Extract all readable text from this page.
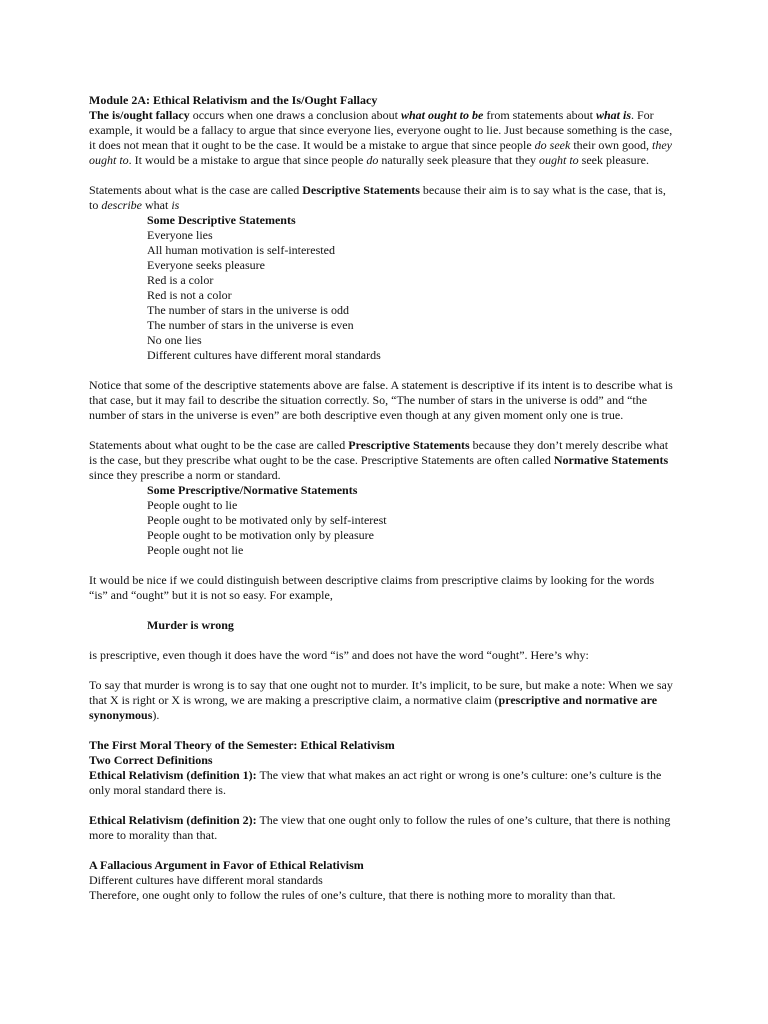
Module 2A: Ethical Relativism and the Is/Ought Fallacy

The is/ought fallacy occurs when one draws a conclusion about what ought to be from statements about what is. For example, it would be a fallacy to argue that since everyone lies, everyone ought to lie. Just because something is the case, it does not mean that it ought to be the case. It would be a mistake to argue that since people do seek their own good, they ought to. It would be a mistake to argue that since people do naturally seek pleasure that they ought to seek pleasure.

Statements about what is the case are called Descriptive Statements because their aim is to say what is the case, that is, to describe what is

Some Descriptive Statements

Everyone lies

All human motivation is self-interested

Everyone seeks pleasure

Red is a color

Red is not a color

The number of stars in the universe is odd

The number of stars in the universe is even

No one lies

Different cultures have different moral standards

Notice that some of the descriptive statements above are false. A statement is descriptive if its intent is to describe what is that case, but it may fail to describe the situation correctly. So, “The number of stars in the universe is odd” and “the number of stars in the universe is even” are both descriptive even though at any given moment only one is true.

Statements about what ought to be the case are called Prescriptive Statements because they don’t merely describe what is the case, but they prescribe what ought to be the case. Prescriptive Statements are often called Normative Statements since they prescribe a norm or standard.

Some Prescriptive/Normative Statements

People ought to lie

People ought to be motivated only by self-interest

People ought to be motivation only by pleasure

People ought not lie

It would be nice if we could distinguish between descriptive claims from prescriptive claims by looking for the words “is” and “ought” but it is not so easy. For example,

Murder is wrong

is prescriptive, even though it does have the word “is” and does not have the word “ought”. Here’s why:

To say that murder is wrong is to say that one ought not to murder. It’s implicit, to be sure, but make a note: When we say that X is right or X is wrong, we are making a prescriptive claim, a normative claim (prescriptive and normative are synonymous).

The First Moral Theory of the Semester: Ethical Relativism

Two Correct Definitions

Ethical Relativism (definition 1): The view that what makes an act right or wrong is one’s culture: one’s culture is the only moral standard there is.

Ethical Relativism (definition 2): The view that one ought only to follow the rules of one’s culture, that there is nothing more to morality than that.

A Fallacious Argument in Favor of Ethical Relativism

Different cultures have different moral standards

Therefore, one ought only to follow the rules of one’s culture, that there is nothing more to morality than that.
